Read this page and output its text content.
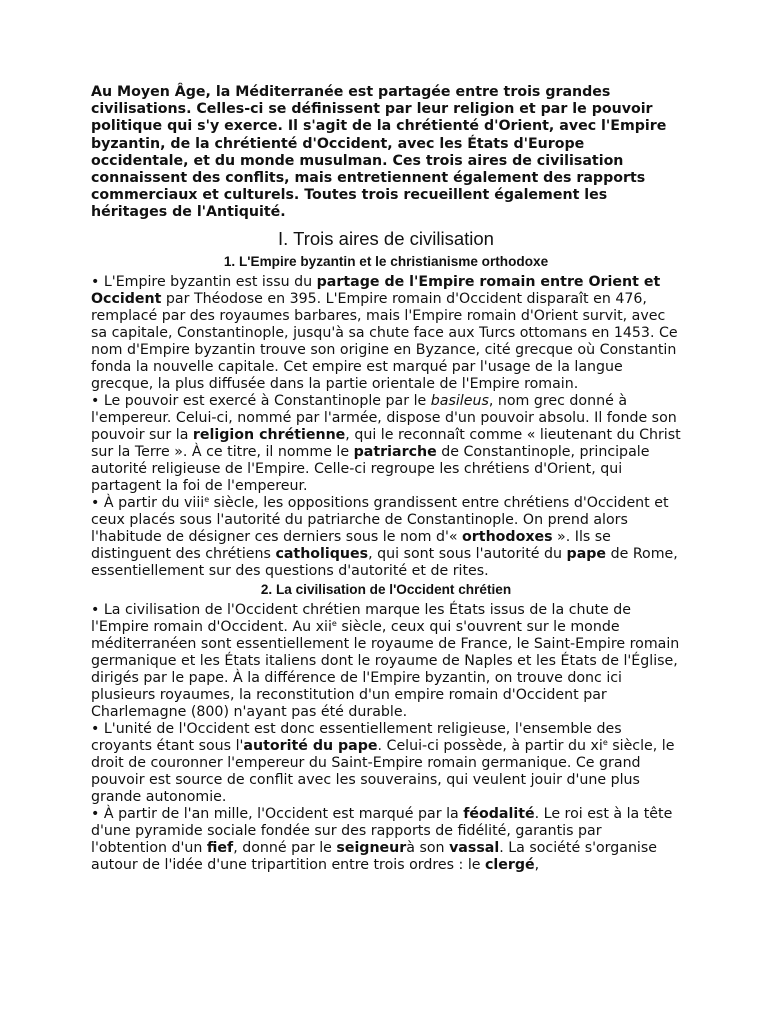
Au Moyen Âge, la Méditerranée est partagée entre trois grandes civilisations. Celles-ci se définissent par leur religion et par le pouvoir politique qui s'y exerce. Il s'agit de la chrétienté d'Orient, avec l'Empire byzantin, de la chrétienté d'Occident, avec les États d'Europe occidentale, et du monde musulman. Ces trois aires de civilisation connaissent des conflits, mais entretiennent également des rapports commerciaux et culturels. Toutes trois recueillent également les héritages de l'Antiquité.

I. Trois aires de civilisation
1. L'Empire byzantin et le christianisme orthodoxe

• L'Empire byzantin est issu du partage de l'Empire romain entre Orient et Occident par Théodose en 395. L'Empire romain d'Occident disparaît en 476, remplacé par des royaumes barbares, mais l'Empire romain d'Orient survit, avec sa capitale, Constantinople, jusqu'à sa chute face aux Turcs ottomans en 1453. Ce nom d'Empire byzantin trouve son origine en Byzance, cité grecque où Constantin fonda la nouvelle capitale. Cet empire est marqué par l'usage de la langue grecque, la plus diffusée dans la partie orientale de l'Empire romain.

• Le pouvoir est exercé à Constantinople par le basileus, nom grec donné à l'empereur. Celui-ci, nommé par l'armée, dispose d'un pouvoir absolu. Il fonde son pouvoir sur la religion chrétienne, qui le reconnaît comme « lieutenant du Christ sur la Terre ». À ce titre, il nomme le patriarche de Constantinople, principale autorité religieuse de l'Empire. Celle-ci regroupe les chrétiens d'Orient, qui partagent la foi de l'empereur.

• À partir du viii$^e$ siècle, les oppositions grandissent entre chrétiens d'Occident et ceux placés sous l'autorité du patriarche de Constantinople. On prend alors l'habitude de désigner ces derniers sous le nom d'« orthodoxes ». Ils se distinguent des chrétiens catholiques, qui sont sous l'autorité du pape de Rome, essentiellement sur des questions d'autorité et de rites.

2. La civilisation de l'Occident chrétien

• La civilisation de l'Occident chrétien marque les États issus de la chute de l'Empire romain d'Occident. Au xii$^e$ siècle, ceux qui s'ouvrent sur le monde méditerranéen sont essentiellement le royaume de France, le Saint-Empire romain germanique et les États italiens dont le royaume de Naples et les États de l'Église, dirigés par le pape. À la différence de l'Empire byzantin, on trouve donc ici plusieurs royaumes, la reconstitution d'un empire romain d'Occident par Charlemagne (800) n'ayant pas été durable.

• L'unité de l'Occident est donc essentiellement religieuse, l'ensemble des croyants étant sous l'autorité du pape. Celui-ci possède, à partir du $xi^e$ siècle, le droit de couronner l'empereur du Saint-Empire romain germanique. Ce grand pouvoir est source de conflit avec les souverains, qui veulent jouir d'une plus grande autonomie.

• À partir de l'an mille, l'Occident est marqué par la féodalité. Le roi est à la tête d'une pyramide sociale fondée sur des rapports de fidélité, garantis par l'obtention d'un fief, donné par le seigneurà son vassal. La société s'organise autour de l'idée d'une tripartition entre trois ordres : le clergé,
